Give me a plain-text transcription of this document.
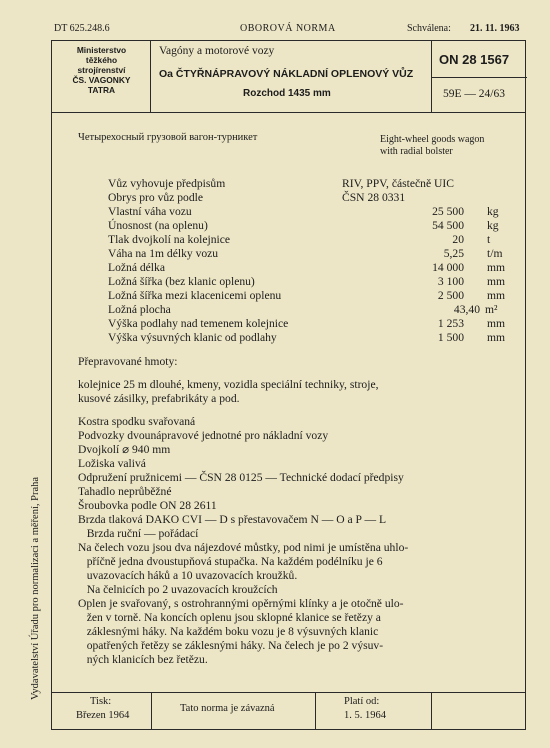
DT 625.248.6	OBOROVÁ NORMA	Schválena: 21. 11. 1963
Vydavatelství Úřadu pro normalizaci a měření, Praha
Ministerstvo
těžkého
strojírenství
ČS. VAGONKY
TATRA
Vagóny a motorové vozy
Oa ČTYŘNÁPRAVOVÝ NÁKLADNÍ OPLENOVÝ VŮZ
Rozchod 1435 mm
ON 28 1567
59E — 24/63
Четырехосный грузовой вагон-турникет	Eight-wheel goods wagon
with radial bolster
Vůz vyhovuje předpisům	RIV, PPV, částečně UIC
Obrys pro vůz podle	ČSN 28 0331
Vlastní váha vozu	25 500 kg
Únosnost (na oplenu)	54 500 kg
Tlak dvojkolí na kolejnice	20 t
Váha na 1m délky vozu	5,25 t/m
Ložná délka	14 000 mm
Ložná šířka (bez klanic oplenu)	3 100 mm
Ložná šířka mezi klacenicemi oplenu	2 500 mm
Ložná plocha	43,40 m²
Výška podlahy nad temenem kolejnice	1 253 mm
Výška výsuvných klanic od podlahy	1 500 mm
Přepravované hmoty:
kolejnice 25 m dlouhé, kmeny, vozidla speciální techniky, stroje,
kusové zásilky, prefabrikáty a pod.
Kostra spodku svařovaná
Podvozky dvounápravové jednotné pro nákladní vozy
Dvojkolí ⌀ 940 mm
Ložiska valivá
Odpružení pružnicemi — ČSN 28 0125 — Technické dodací předpisy
Tahadlo neprůběžné
Šroubovka podle ON 28 2611
Brzda tlaková DAKO CVI — D s přestavovačem N — O a P — L
Brzda ruční — pořádací
Na čelech vozu jsou dva nájezdové můstky, pod nimi je umístěna uhlo-
příčně jedna dvoustupňová stupačka. Na každém podélníku je 6
uvazovacích háků a 10 uvazovacích kroužků.
Na čelnicích po 2 uvazovacích kroužcích
Oplen je svařovaný, s ostrohrannými opěrnými klínky a je otočně ulo-
žen v torně. Na koncích oplenu jsou sklopné klanice se řetězy a
záklesnými háky. Na každém boku vozu je 8 výsuvných klanic
opatřených řetězy se záklesnými háky. Na čelech je po 2 výsuv-
ných klanicích bez řetězu.
Tisk:
Březen 1964
Tato norma je závazná
Platí od:
1. 5. 1964
